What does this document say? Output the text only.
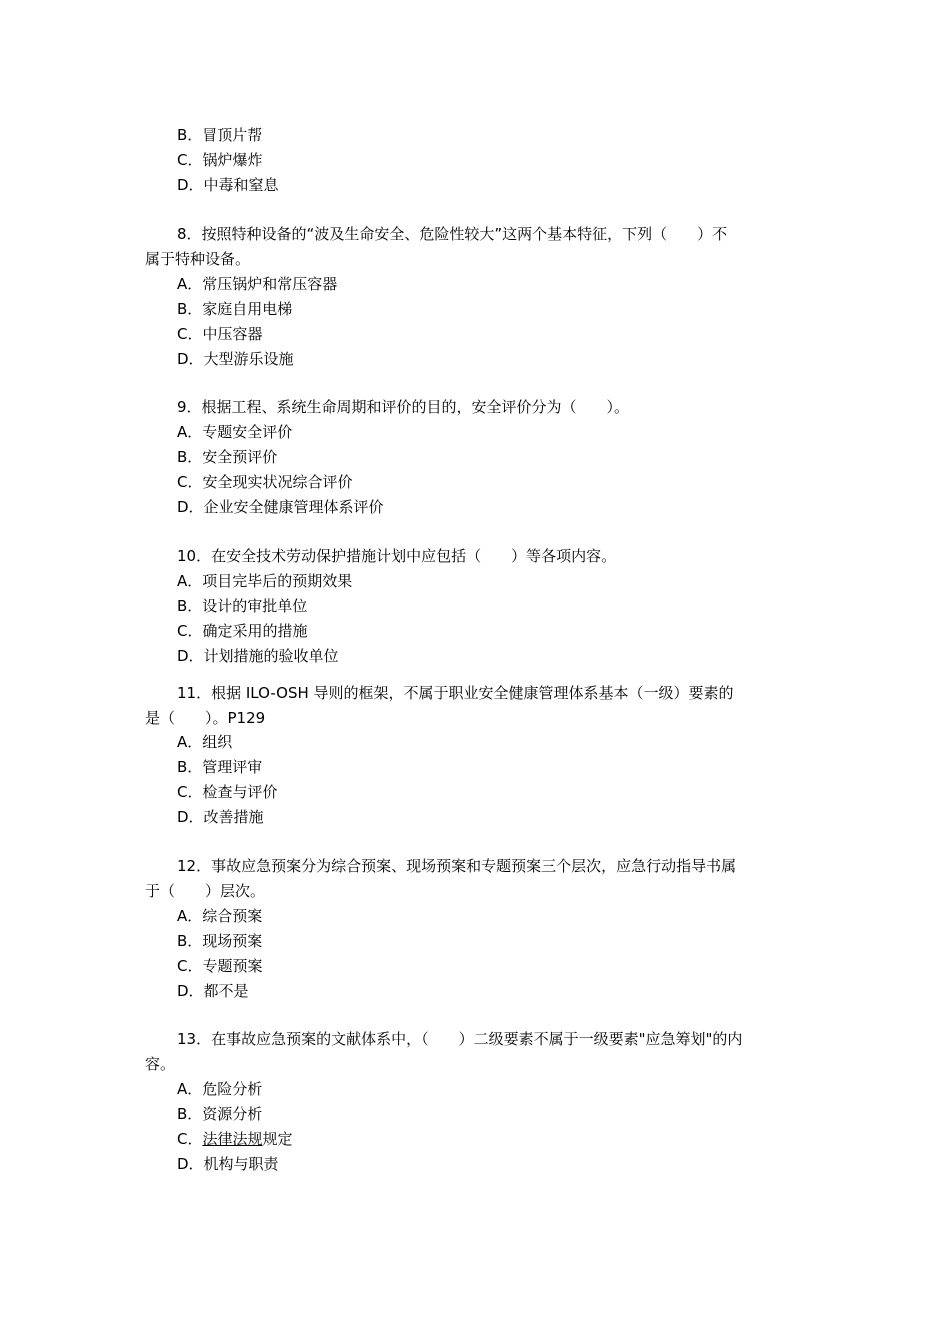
B．冒顶片帮
C．锅炉爆炸
D．中毒和窒息
8．按照特种设备的“波及生命安全、危险性较大”这两个基本特征，下列（　　）不
属于特种设备。
A．常压锅炉和常压容器
B．家庭自用电梯
C．中压容器
D．大型游乐设施
9．根据工程、系统生命周期和评价的目的，安全评价分为（　　）。
A．专题安全评价
B．安全预评价
C．安全现实状况综合评价
D．企业安全健康管理体系评价
10．在安全技术劳动保护措施计划中应包括（　　）等各项内容。
A．项目完毕后的预期效果
B．设计的审批单位
C．确定采用的措施
D．计划措施的验收单位
11．根据 ILO-OSH 导则的框架，不属于职业安全健康管理体系基本（一级）要素的
是（　　）。P129
A．组织
B．管理评审
C．检查与评价
D．改善措施
12．事故应急预案分为综合预案、现场预案和专题预案三个层次，应急行动指导书属
于（　　）层次。
A．综合预案
B．现场预案
C．专题预案
D．都不是
13．在事故应急预案的文献体系中，（　　）二级要素不属于一级要素"应急筹划"的内
容。
A．危险分析
B．资源分析
C．法律法规规定
D．机构与职责
